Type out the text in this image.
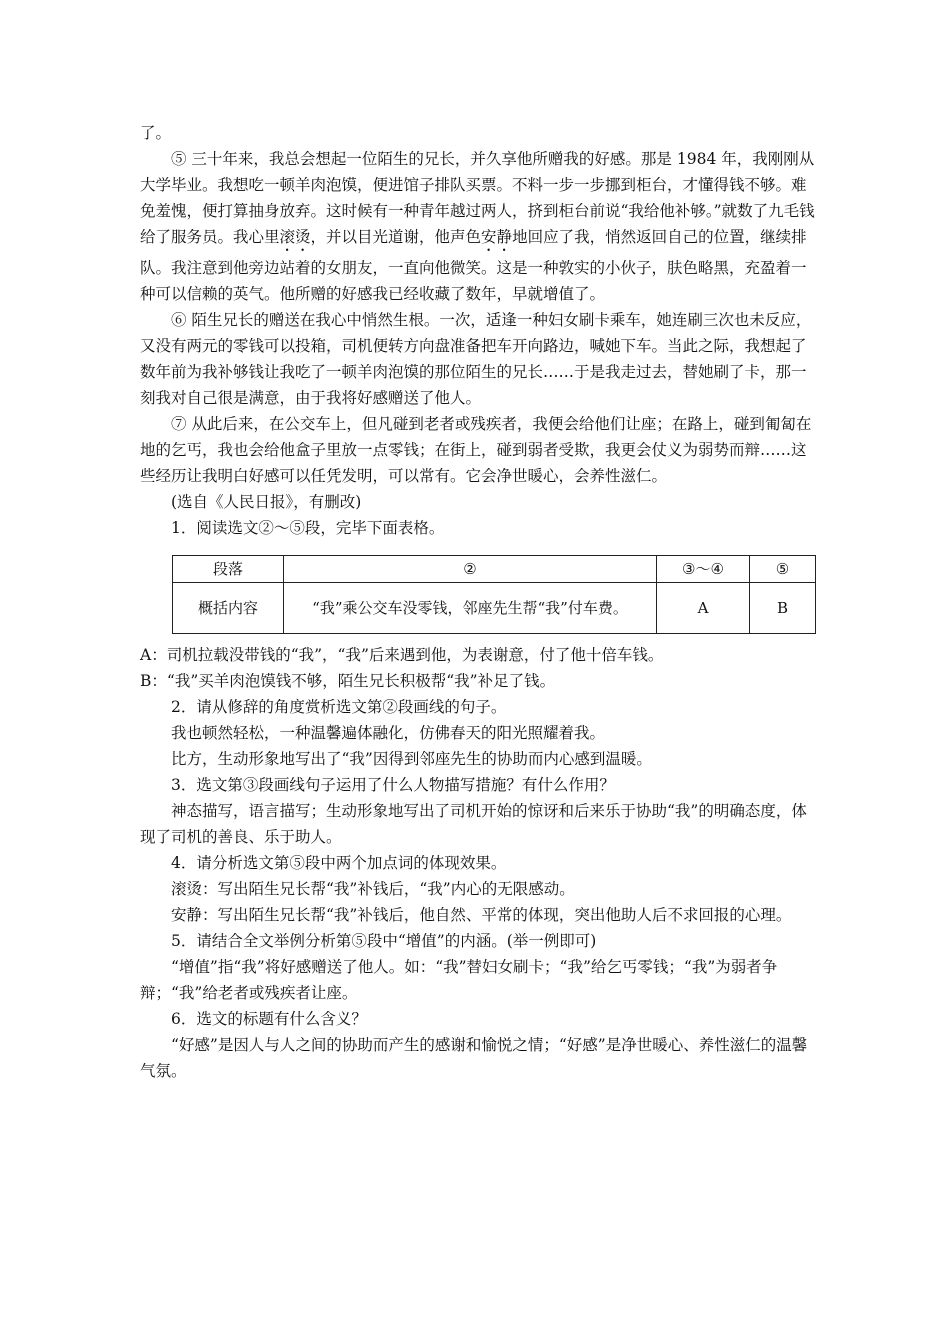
了。

⑤ 三十年来，我总会想起一位陌生的兄长，并久享他所赠我的好感。那是 1984 年，我刚刚从大学毕业。我想吃一顿羊肉泡馍，便进馆子排队买票。不料一步一步挪到柜台，才懂得钱不够。难免羞愧，便打算抽身放弃。这时候有一种青年越过两人，挤到柜台前说“我给他补够。”就数了九毛钱给了服务员。我心里滚烫，并以目光道谢，他声色安静地回应了我，悄然返回自己的位置，继续排队。我注意到他旁边站着的女朋友，一直向他微笑。这是一种敦实的小伙子，肤色略黑，充盈着一种可以信赖的英气。他所赠的好感我已经收藏了数年，早就增值了。

⑥ 陌生兄长的赠送在我心中悄然生根。一次，适逢一种妇女刷卡乘车，她连刷三次也未反应，又没有两元的零钱可以投箱，司机便转方向盘准备把车开向路边，喊她下车。当此之际，我想起了数年前为我补够钱让我吃了一顿羊肉泡馍的那位陌生的兄长……于是我走过去，替她刷了卡，那一刻我对自己很是满意，由于我将好感赠送了他人。

⑦ 从此后来，在公交车上，但凡碰到老者或残疾者，我便会给他们让座；在路上，碰到匍匐在地的乞丐，我也会给他盒子里放一点零钱；在街上，碰到弱者受欺，我更会仗义为弱势而辩……这些经历让我明白好感可以任凭发明，可以常有。它会净世暖心，会养性滋仁。

(选自《人民日报》，有删改)

1．阅读选文②～⑤段，完毕下面表格。

段落	②	③～④	⑤
概括内容	“我”乘公交车没零钱，邻座先生帮“我”付车费。	A	B

A：司机拉载没带钱的“我”，“我”后来遇到他，为表谢意，付了他十倍车钱。

B：“我”买羊肉泡馍钱不够，陌生兄长积极帮“我”补足了钱。

2．请从修辞的角度赏析选文第②段画线的句子。

我也顿然轻松，一种温馨遍体融化，仿佛春天的阳光照耀着我。

比方，生动形象地写出了“我”因得到邻座先生的协助而内心感到温暖。

3．选文第③段画线句子运用了什么人物描写措施？有什么作用？

神态描写，语言描写；生动形象地写出了司机开始的惊讶和后来乐于协助“我”的明确态度，体现了司机的善良、乐于助人。

4．请分析选文第⑤段中两个加点词的体现效果。

滚烫：写出陌生兄长帮“我”补钱后，“我”内心的无限感动。

安静：写出陌生兄长帮“我”补钱后，他自然、平常的体现，突出他助人后不求回报的心理。

5．请结合全文举例分析第⑤段中“增值”的内涵。(举一例即可)

“增值”指“我”将好感赠送了他人。如：“我”替妇女刷卡；“我”给乞丐零钱；“我”为弱者争辩；“我”给老者或残疾者让座。

6．选文的标题有什么含义？

“好感”是因人与人之间的协助而产生的感谢和愉悦之情；“好感”是净世暖心、养性滋仁的温馨气氛。
